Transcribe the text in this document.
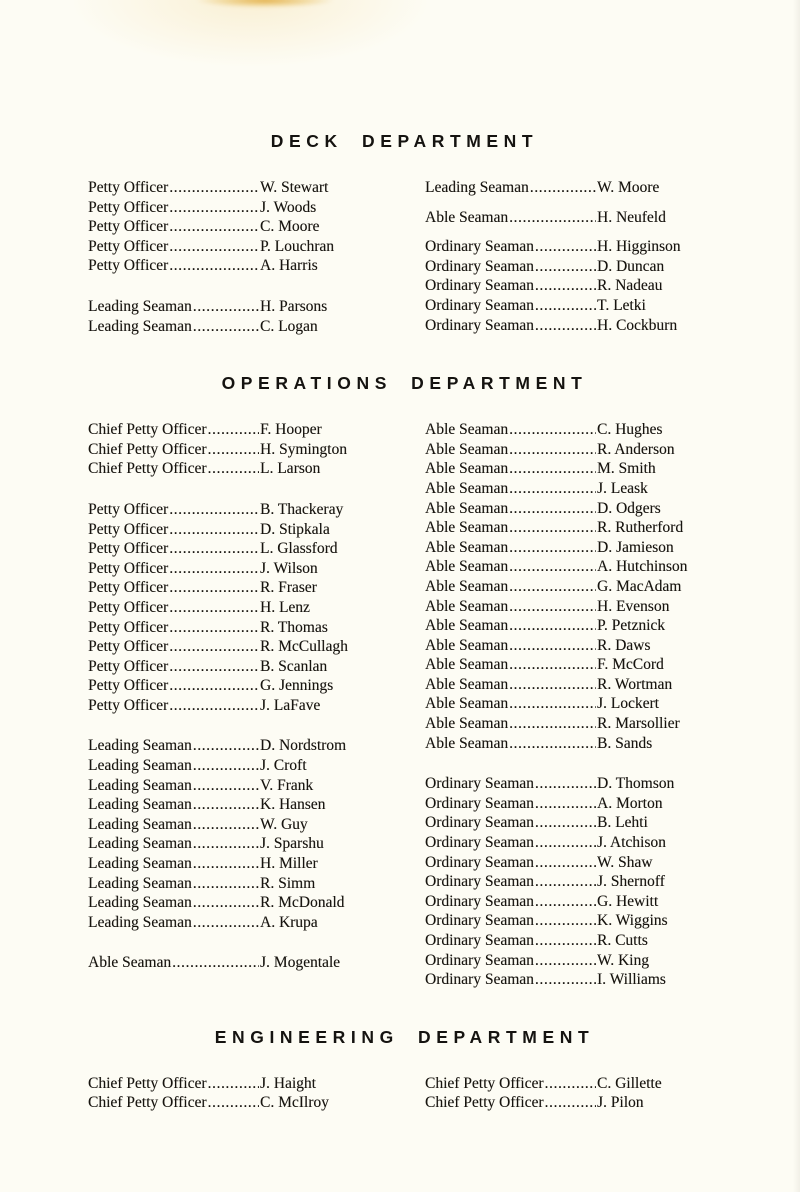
DECK DEPARTMENT
Petty Officer .....	W. Stewart
Petty Officer .....	J. Woods
Petty Officer .....	C. Moore
Petty Officer .....	P. Louchran
Petty Officer .....	A. Harris
Leading Seaman .....	H. Parsons
Leading Seaman .....	C. Logan
Leading Seaman .....	W. Moore
Able Seaman .....	H. Neufeld
Ordinary Seaman .....	H. Higginson
Ordinary Seaman .....	D. Duncan
Ordinary Seaman .....	R. Nadeau
Ordinary Seaman .....	T. Letki
Ordinary Seaman .....	H. Cockburn
OPERATIONS DEPARTMENT
Chief Petty Officer .....	F. Hooper
Chief Petty Officer .....	H. Symington
Chief Petty Officer .....	L. Larson
Petty Officer .....	B. Thackeray
Petty Officer .....	D. Stipkala
Petty Officer .....	L. Glassford
Petty Officer .....	J. Wilson
Petty Officer .....	R. Fraser
Petty Officer .....	H. Lenz
Petty Officer .....	R. Thomas
Petty Officer .....	R. McCullagh
Petty Officer .....	B. Scanlan
Petty Officer .....	G. Jennings
Petty Officer .....	J. LaFave
Leading Seaman .....	D. Nordstrom
Leading Seaman .....	J. Croft
Leading Seaman .....	V. Frank
Leading Seaman .....	K. Hansen
Leading Seaman .....	W. Guy
Leading Seaman .....	J. Sparshu
Leading Seaman .....	H. Miller
Leading Seaman .....	R. Simm
Leading Seaman .....	R. McDonald
Leading Seaman .....	A. Krupa
Able Seaman .....	J. Mogentale
Able Seaman .....	C. Hughes
Able Seaman .....	R. Anderson
Able Seaman .....	M. Smith
Able Seaman .....	J. Leask
Able Seaman .....	D. Odgers
Able Seaman .....	R. Rutherford
Able Seaman .....	D. Jamieson
Able Seaman .....	A. Hutchinson
Able Seaman .....	G. MacAdam
Able Seaman .....	H. Evenson
Able Seaman .....	P. Petznick
Able Seaman .....	R. Daws
Able Seaman .....	F. McCord
Able Seaman .....	R. Wortman
Able Seaman .....	J. Lockert
Able Seaman .....	R. Marsollier
Able Seaman .....	B. Sands
Ordinary Seaman .....	D. Thomson
Ordinary Seaman .....	A. Morton
Ordinary Seaman .....	B. Lehti
Ordinary Seaman .....	J. Atchison
Ordinary Seaman .....	W. Shaw
Ordinary Seaman .....	J. Shernoff
Ordinary Seaman .....	G. Hewitt
Ordinary Seaman .....	K. Wiggins
Ordinary Seaman .....	R. Cutts
Ordinary Seaman .....	W. King
Ordinary Seaman .....	I. Williams
ENGINEERING DEPARTMENT
Chief Petty Officer .....	J. Haight
Chief Petty Officer .....	C. McIlroy
Chief Petty Officer .....	C. Gillette
Chief Petty Officer .....	J. Pilon
